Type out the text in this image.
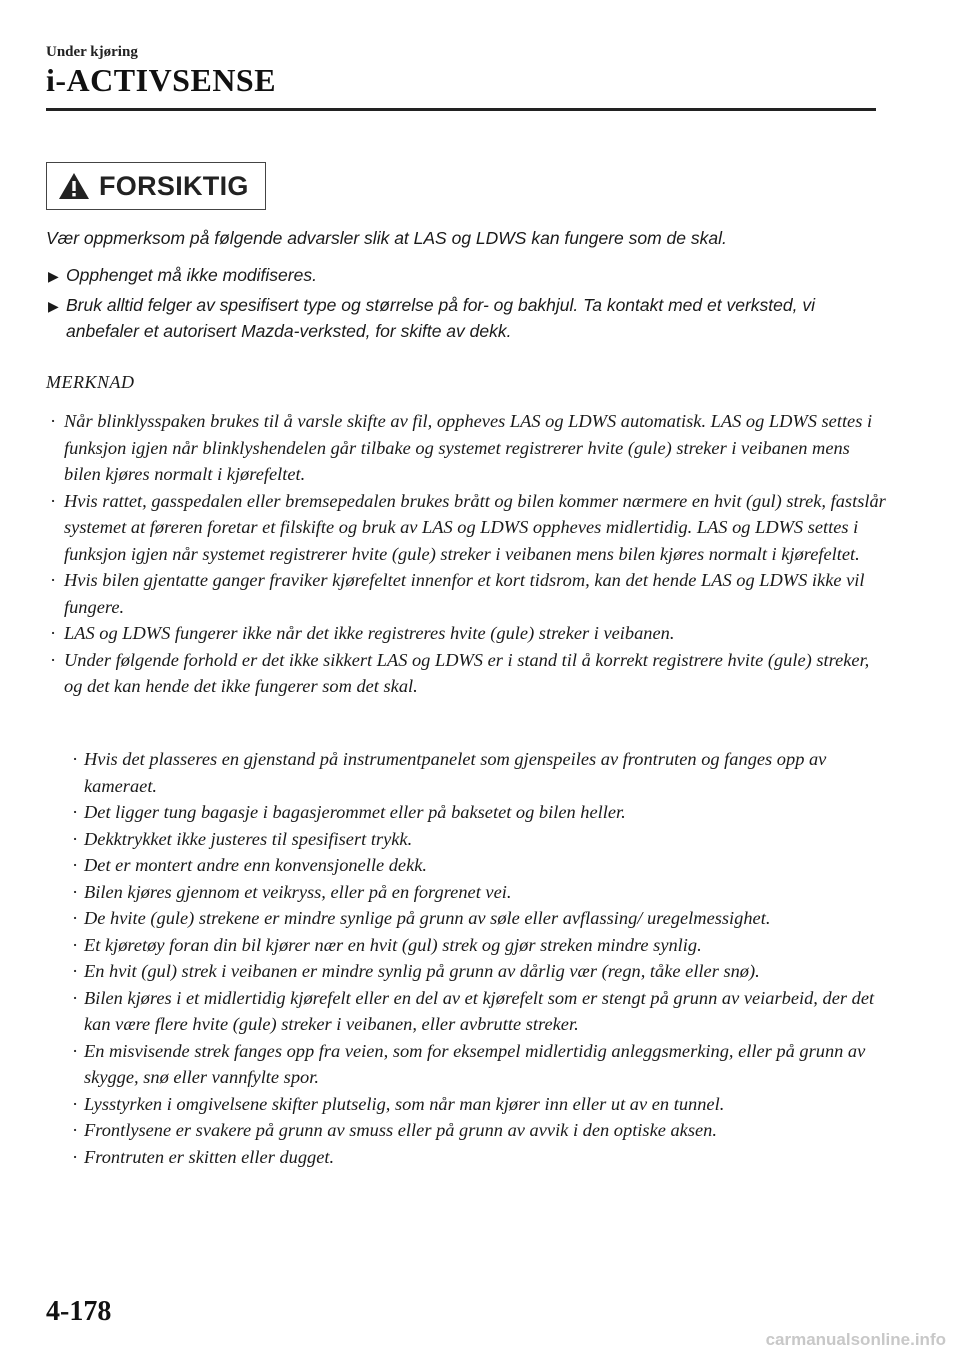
Under kjøring
i-ACTIVSENSE
FORSIKTIG
Vær oppmerksom på følgende advarsler slik at LAS og LDWS kan fungere som de skal.
▶ Opphenget må ikke modifiseres.
▶ Bruk alltid felger av spesifisert type og størrelse på for- og bakhjul. Ta kontakt med et verksted, vi anbefaler et autorisert Mazda-verksted, for skifte av dekk.
MERKNAD
· Når blinklysspaken brukes til å varsle skifte av fil, oppheves LAS og LDWS automatisk. LAS og LDWS settes i funksjon igjen når blinklyshendelen går tilbake og systemet registrerer hvite (gule) streker i veibanen mens bilen kjøres normalt i kjørefeltet.
· Hvis rattet, gasspedalen eller bremsepedalen brukes brått og bilen kommer nærmere en hvit (gul) strek, fastslår systemet at føreren foretar et filskifte og bruk av LAS og LDWS oppheves midlertidig. LAS og LDWS settes i funksjon igjen når systemet registrerer hvite (gule) streker i veibanen mens bilen kjøres normalt i kjørefeltet.
· Hvis bilen gjentatte ganger fraviker kjørefeltet innenfor et kort tidsrom, kan det hende LAS og LDWS ikke vil fungere.
· LAS og LDWS fungerer ikke når det ikke registreres hvite (gule) streker i veibanen.
· Under følgende forhold er det ikke sikkert LAS og LDWS er i stand til å korrekt registrere hvite (gule) streker, og det kan hende det ikke fungerer som det skal.
· Hvis det plasseres en gjenstand på instrumentpanelet som gjenspeiles av frontruten og fanges opp av kameraet.
· Det ligger tung bagasje i bagasjerommet eller på baksetet og bilen heller.
· Dekktrykket ikke justeres til spesifisert trykk.
· Det er montert andre enn konvensjonelle dekk.
· Bilen kjøres gjennom et veikryss, eller på en forgrenet vei.
· De hvite (gule) strekene er mindre synlige på grunn av søle eller avflassing/ uregelmessighet.
· Et kjøretøy foran din bil kjører nær en hvit (gul) strek og gjør streken mindre synlig.
· En hvit (gul) strek i veibanen er mindre synlig på grunn av dårlig vær (regn, tåke eller snø).
· Bilen kjøres i et midlertidig kjørefelt eller en del av et kjørefelt som er stengt på grunn av veiarbeid, der det kan være flere hvite (gule) streker i veibanen, eller avbrutte streker.
· En misvisende strek fanges opp fra veien, som for eksempel midlertidig anleggsmerking, eller på grunn av skygge, snø eller vannfylte spor.
· Lysstyrken i omgivelsene skifter plutselig, som når man kjører inn eller ut av en tunnel.
· Frontlysene er svakere på grunn av smuss eller på grunn av avvik i den optiske aksen.
· Frontruten er skitten eller dugget.
4-178
carmanualsonline.info
